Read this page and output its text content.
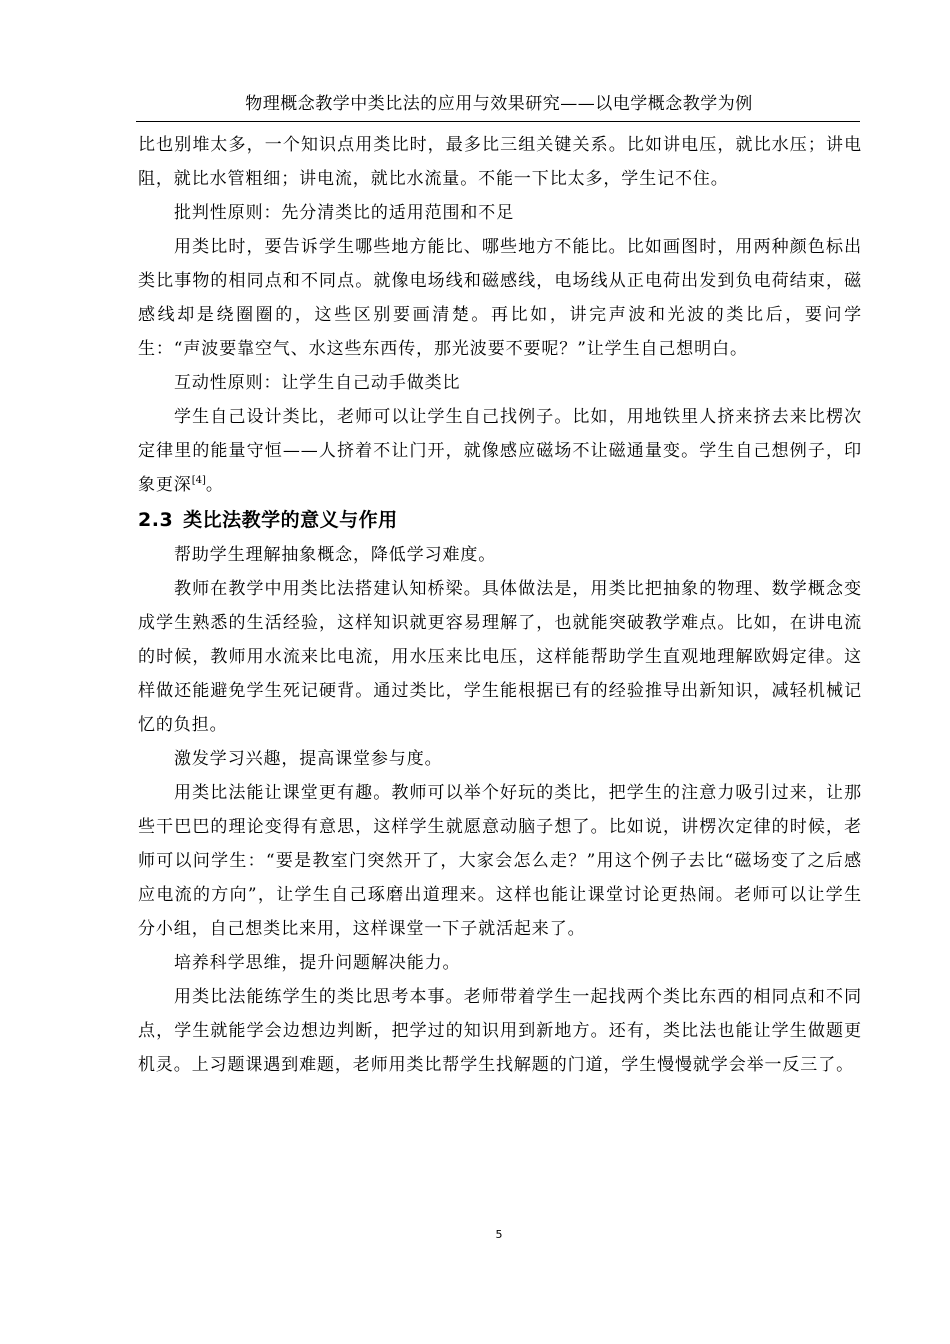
物理概念教学中类比法的应用与效果研究——以电学概念教学为例

比也别堆太多，一个知识点用类比时，最多比三组关键关系。比如讲电压，就比水压；讲电阻，就比水管粗细；讲电流，就比水流量。不能一下比太多，学生记不住。

批判性原则：先分清类比的适用范围和不足

用类比时，要告诉学生哪些地方能比、哪些地方不能比。比如画图时，用两种颜色标出类比事物的相同点和不同点。就像电场线和磁感线，电场线从正电荷出发到负电荷结束，磁感线却是绕圈圈的，这些区别要画清楚。再比如，讲完声波和光波的类比后，要问学生：“声波要靠空气、水这些东西传，那光波要不要呢？”让学生自己想明白。

互动性原则：让学生自己动手做类比

学生自己设计类比，老师可以让学生自己找例子。比如，用地铁里人挤来挤去来比楞次定律里的能量守恒——人挤着不让门开，就像感应磁场不让磁通量变。学生自己想例子，印象更深[4]。

2.3 类比法教学的意义与作用

帮助学生理解抽象概念，降低学习难度。

教师在教学中用类比法搭建认知桥梁。具体做法是，用类比把抽象的物理、数学概念变成学生熟悉的生活经验，这样知识就更容易理解了，也就能突破教学难点。比如，在讲电流的时候，教师用水流来比电流，用水压来比电压，这样能帮助学生直观地理解欧姆定律。这样做还能避免学生死记硬背。通过类比，学生能根据已有的经验推导出新知识，减轻机械记忆的负担。

激发学习兴趣，提高课堂参与度。

用类比法能让课堂更有趣。教师可以举个好玩的类比，把学生的注意力吸引过来，让那些干巴巴的理论变得有意思，这样学生就愿意动脑子想了。比如说，讲楞次定律的时候，老师可以问学生：“要是教室门突然开了，大家会怎么走？”用这个例子去比“磁场变了之后感应电流的方向”，让学生自己琢磨出道理来。这样也能让课堂讨论更热闹。老师可以让学生分小组，自己想类比来用，这样课堂一下子就活起来了。

培养科学思维，提升问题解决能力。

用类比法能练学生的类比思考本事。老师带着学生一起找两个类比东西的相同点和不同点，学生就能学会边想边判断，把学过的知识用到新地方。还有，类比法也能让学生做题更机灵。上习题课遇到难题，老师用类比帮学生找解题的门道，学生慢慢就学会举一反三了。

5
